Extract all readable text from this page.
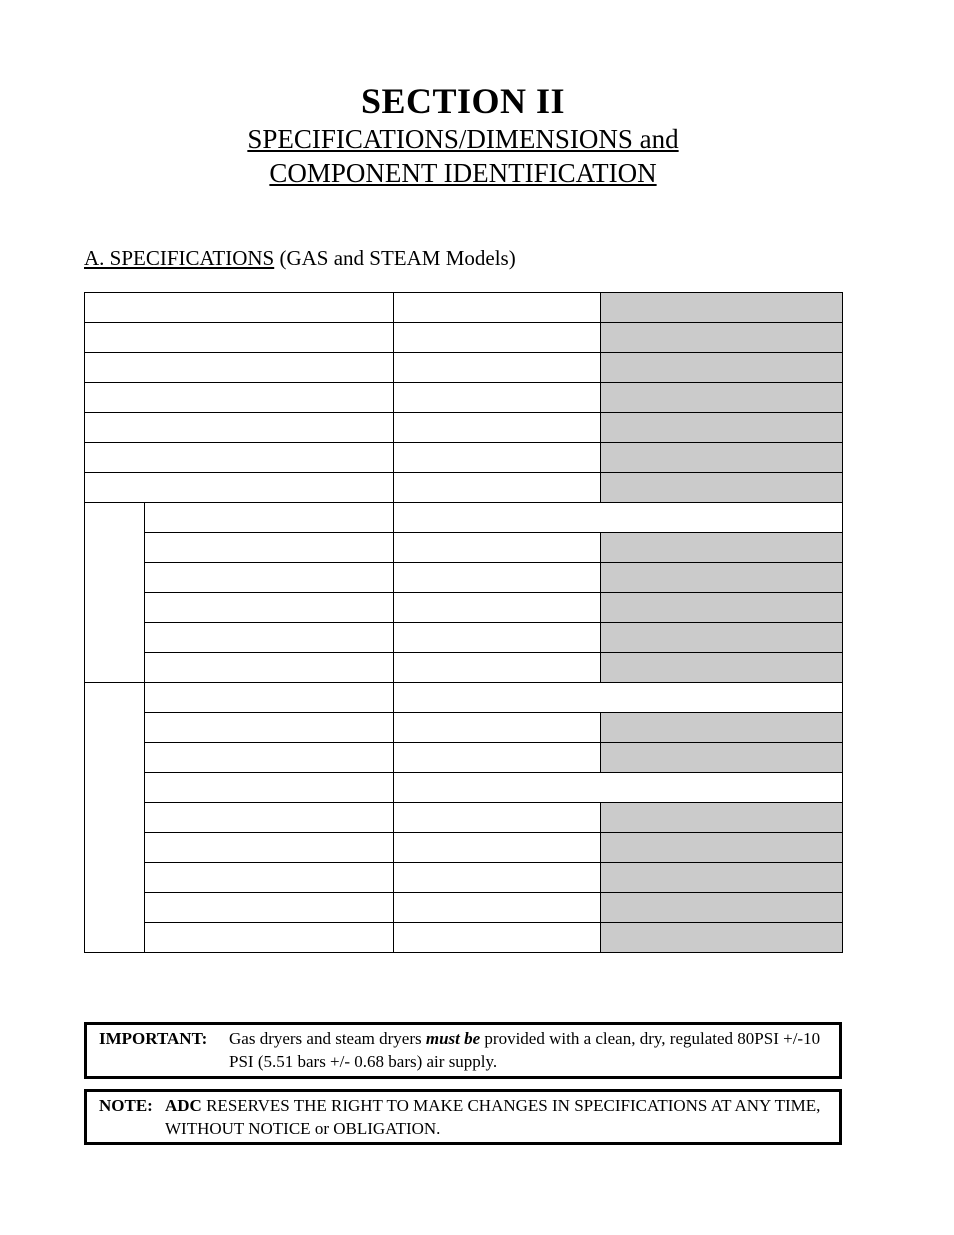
SECTION II
SPECIFICATIONS/DIMENSIONS and
COMPONENT IDENTIFICATION
A. SPECIFICATIONS (GAS and STEAM Models)
IMPORTANT: Gas dryers and steam dryers must be provided with a clean, dry, regulated 80PSI +/-10 PSI (5.51 bars +/- 0.68 bars) air supply.
NOTE: ADC RESERVES THE RIGHT TO MAKE CHANGES IN SPECIFICATIONS AT ANY TIME, WITHOUT NOTICE or OBLIGATION.
